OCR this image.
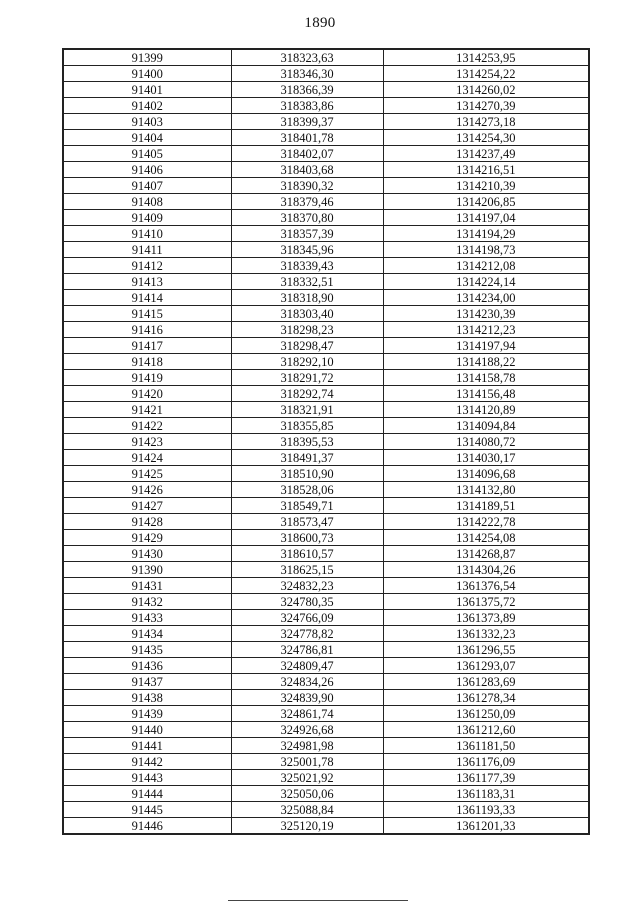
1890
91399	318323,63	1314253,95
91400	318346,30	1314254,22
91401	318366,39	1314260,02
91402	318383,86	1314270,39
91403	318399,37	1314273,18
91404	318401,78	1314254,30
91405	318402,07	1314237,49
91406	318403,68	1314216,51
91407	318390,32	1314210,39
91408	318379,46	1314206,85
91409	318370,80	1314197,04
91410	318357,39	1314194,29
91411	318345,96	1314198,73
91412	318339,43	1314212,08
91413	318332,51	1314224,14
91414	318318,90	1314234,00
91415	318303,40	1314230,39
91416	318298,23	1314212,23
91417	318298,47	1314197,94
91418	318292,10	1314188,22
91419	318291,72	1314158,78
91420	318292,74	1314156,48
91421	318321,91	1314120,89
91422	318355,85	1314094,84
91423	318395,53	1314080,72
91424	318491,37	1314030,17
91425	318510,90	1314096,68
91426	318528,06	1314132,80
91427	318549,71	1314189,51
91428	318573,47	1314222,78
91429	318600,73	1314254,08
91430	318610,57	1314268,87
91390	318625,15	1314304,26
91431	324832,23	1361376,54
91432	324780,35	1361375,72
91433	324766,09	1361373,89
91434	324778,82	1361332,23
91435	324786,81	1361296,55
91436	324809,47	1361293,07
91437	324834,26	1361283,69
91438	324839,90	1361278,34
91439	324861,74	1361250,09
91440	324926,68	1361212,60
91441	324981,98	1361181,50
91442	325001,78	1361176,09
91443	325021,92	1361177,39
91444	325050,06	1361183,31
91445	325088,84	1361193,33
91446	325120,19	1361201,33
